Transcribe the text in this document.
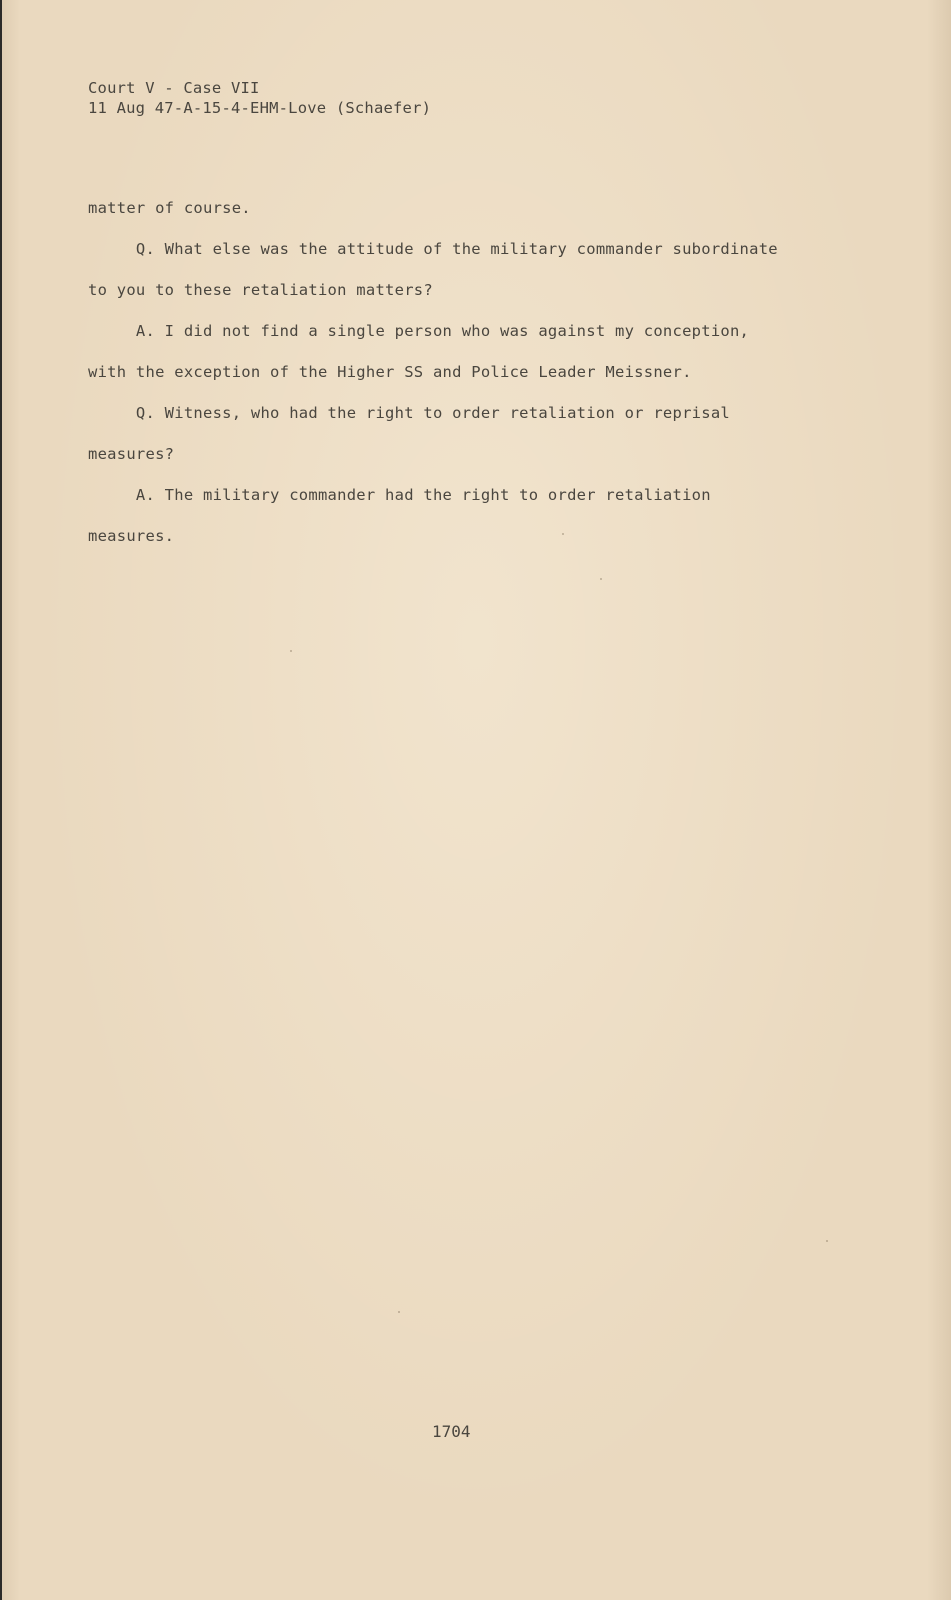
Court V - Case VII
11 Aug 47-A-15-4-EHM-Love (Schaefer)
matter of course.
Q. What else was the attitude of the military commander subordinate
to you to these retaliation matters?
A. I did not find a single person who was against my conception,
with the exception of the Higher SS and Police Leader Meissner.
Q. Witness, who had the right to order retaliation or reprisal
measures?
A. The military commander had the right to order retaliation
measures.
1704
